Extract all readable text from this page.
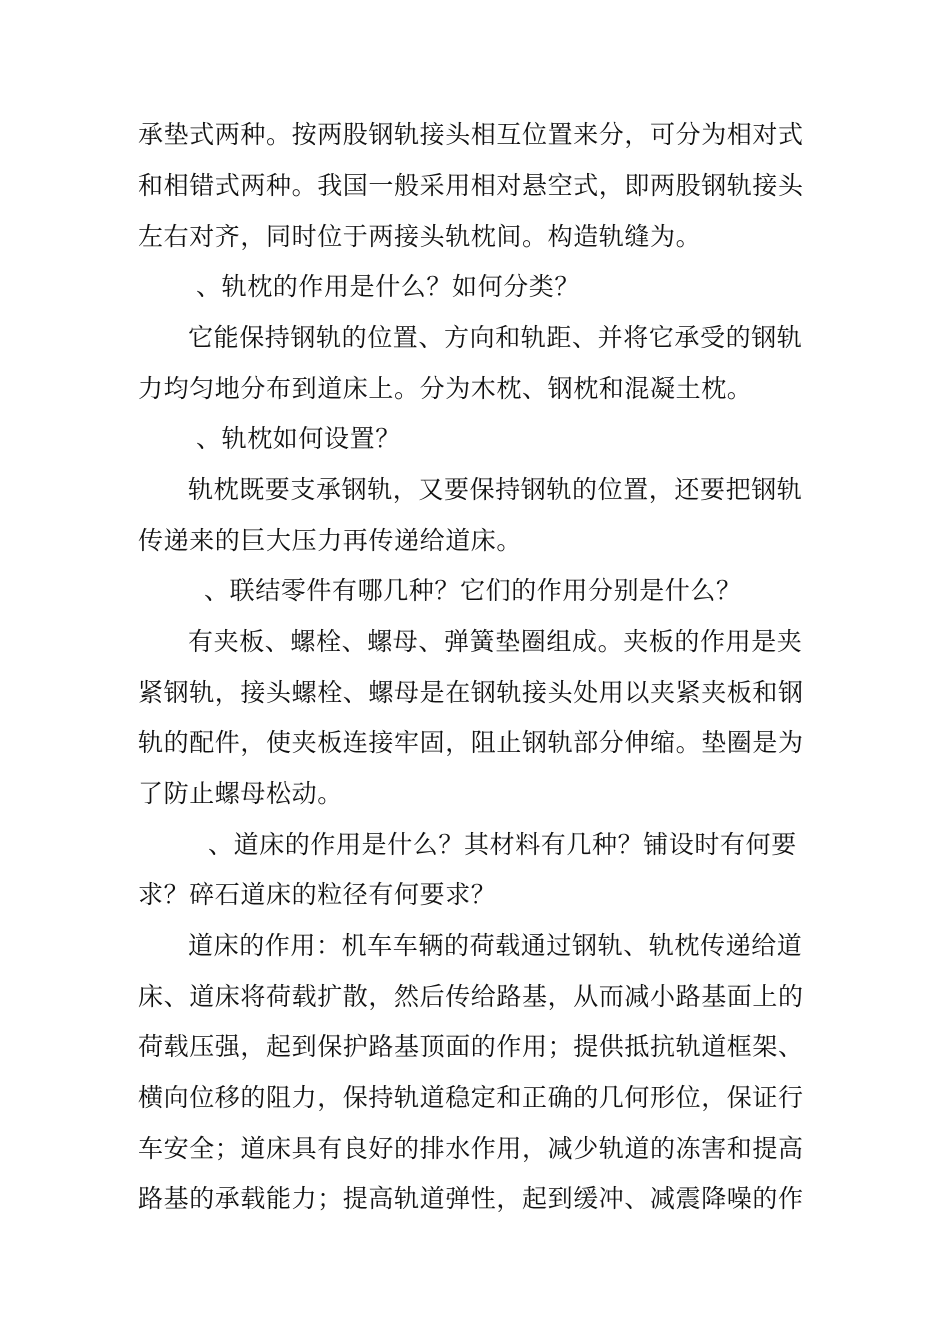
承垫式两种。按两股钢轨接头相互位置来分，可分为相对式
和相错式两种。我国一般采用相对悬空式，即两股钢轨接头
左右对齐，同时位于两接头轨枕间。构造轨缝为。
、轨枕的作用是什么？如何分类？
它能保持钢轨的位置、方向和轨距、并将它承受的钢轨
力均匀地分布到道床上。分为木枕、钢枕和混凝土枕。
、轨枕如何设置？
轨枕既要支承钢轨，又要保持钢轨的位置，还要把钢轨
传递来的巨大压力再传递给道床。
、联结零件有哪几种？它们的作用分别是什么？
有夹板、螺栓、螺母、弹簧垫圈组成。夹板的作用是夹
紧钢轨，接头螺栓、螺母是在钢轨接头处用以夹紧夹板和钢
轨的配件，使夹板连接牢固，阻止钢轨部分伸缩。垫圈是为
了防止螺母松动。
、道床的作用是什么？其材料有几种？铺设时有何要
求？碎石道床的粒径有何要求？
道床的作用：机车车辆的荷载通过钢轨、轨枕传递给道
床、道床将荷载扩散，然后传给路基，从而减小路基面上的
荷载压强，起到保护路基顶面的作用；提供抵抗轨道框架、
横向位移的阻力，保持轨道稳定和正确的几何形位，保证行
车安全；道床具有良好的排水作用，减少轨道的冻害和提高
路基的承载能力；提高轨道弹性，起到缓冲、减震降噪的作
